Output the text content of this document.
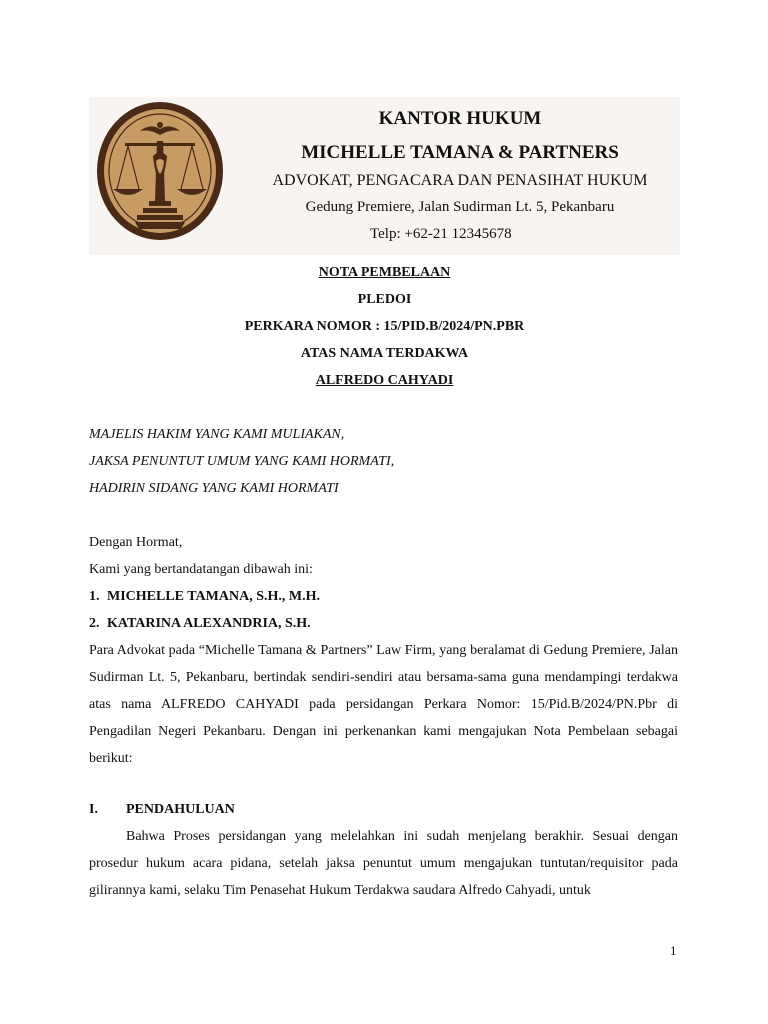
KANTOR HUKUM
MICHELLE TAMANA & PARTNERS
ADVOKAT, PENGACARA DAN PENASIHAT HUKUM
Gedung Premiere, Jalan Sudirman Lt. 5, Pekanbaru
Telp: +62-21 12345678
NOTA PEMBELAAN
PLEDOI
PERKARA NOMOR : 15/PID.B/2024/PN.PBR
ATAS NAMA TERDAKWA
ALFREDO CAHYADI
MAJELIS HAKIM YANG KAMI MULIAKAN,
JAKSA PENUNTUT UMUM YANG KAMI HORMATI,
HADIRIN SIDANG YANG KAMI HORMATI
Dengan Hormat,
Kami yang bertandatangan dibawah ini:
1. MICHELLE TAMANA, S.H., M.H.
2. KATARINA ALEXANDRIA, S.H.
Para Advokat pada “Michelle Tamana & Partners” Law Firm, yang beralamat di Gedung Premiere, Jalan Sudirman Lt. 5, Pekanbaru, bertindak sendiri-sendiri atau bersama-sama guna mendampingi terdakwa atas nama ALFREDO CAHYADI pada persidangan Perkara Nomor: 15/Pid.B/2024/PN.Pbr di Pengadilan Negeri Pekanbaru. Dengan ini perkenankan kami mengajukan Nota Pembelaan sebagai berikut:
I. PENDAHULUAN
Bahwa Proses persidangan yang melelahkan ini sudah menjelang berakhir. Sesuai dengan prosedur hukum acara pidana, setelah jaksa penuntut umum mengajukan tuntutan/requisitor pada gilirannya kami, selaku Tim Penasehat Hukum Terdakwa saudara Alfredo Cahyadi, untuk
1
